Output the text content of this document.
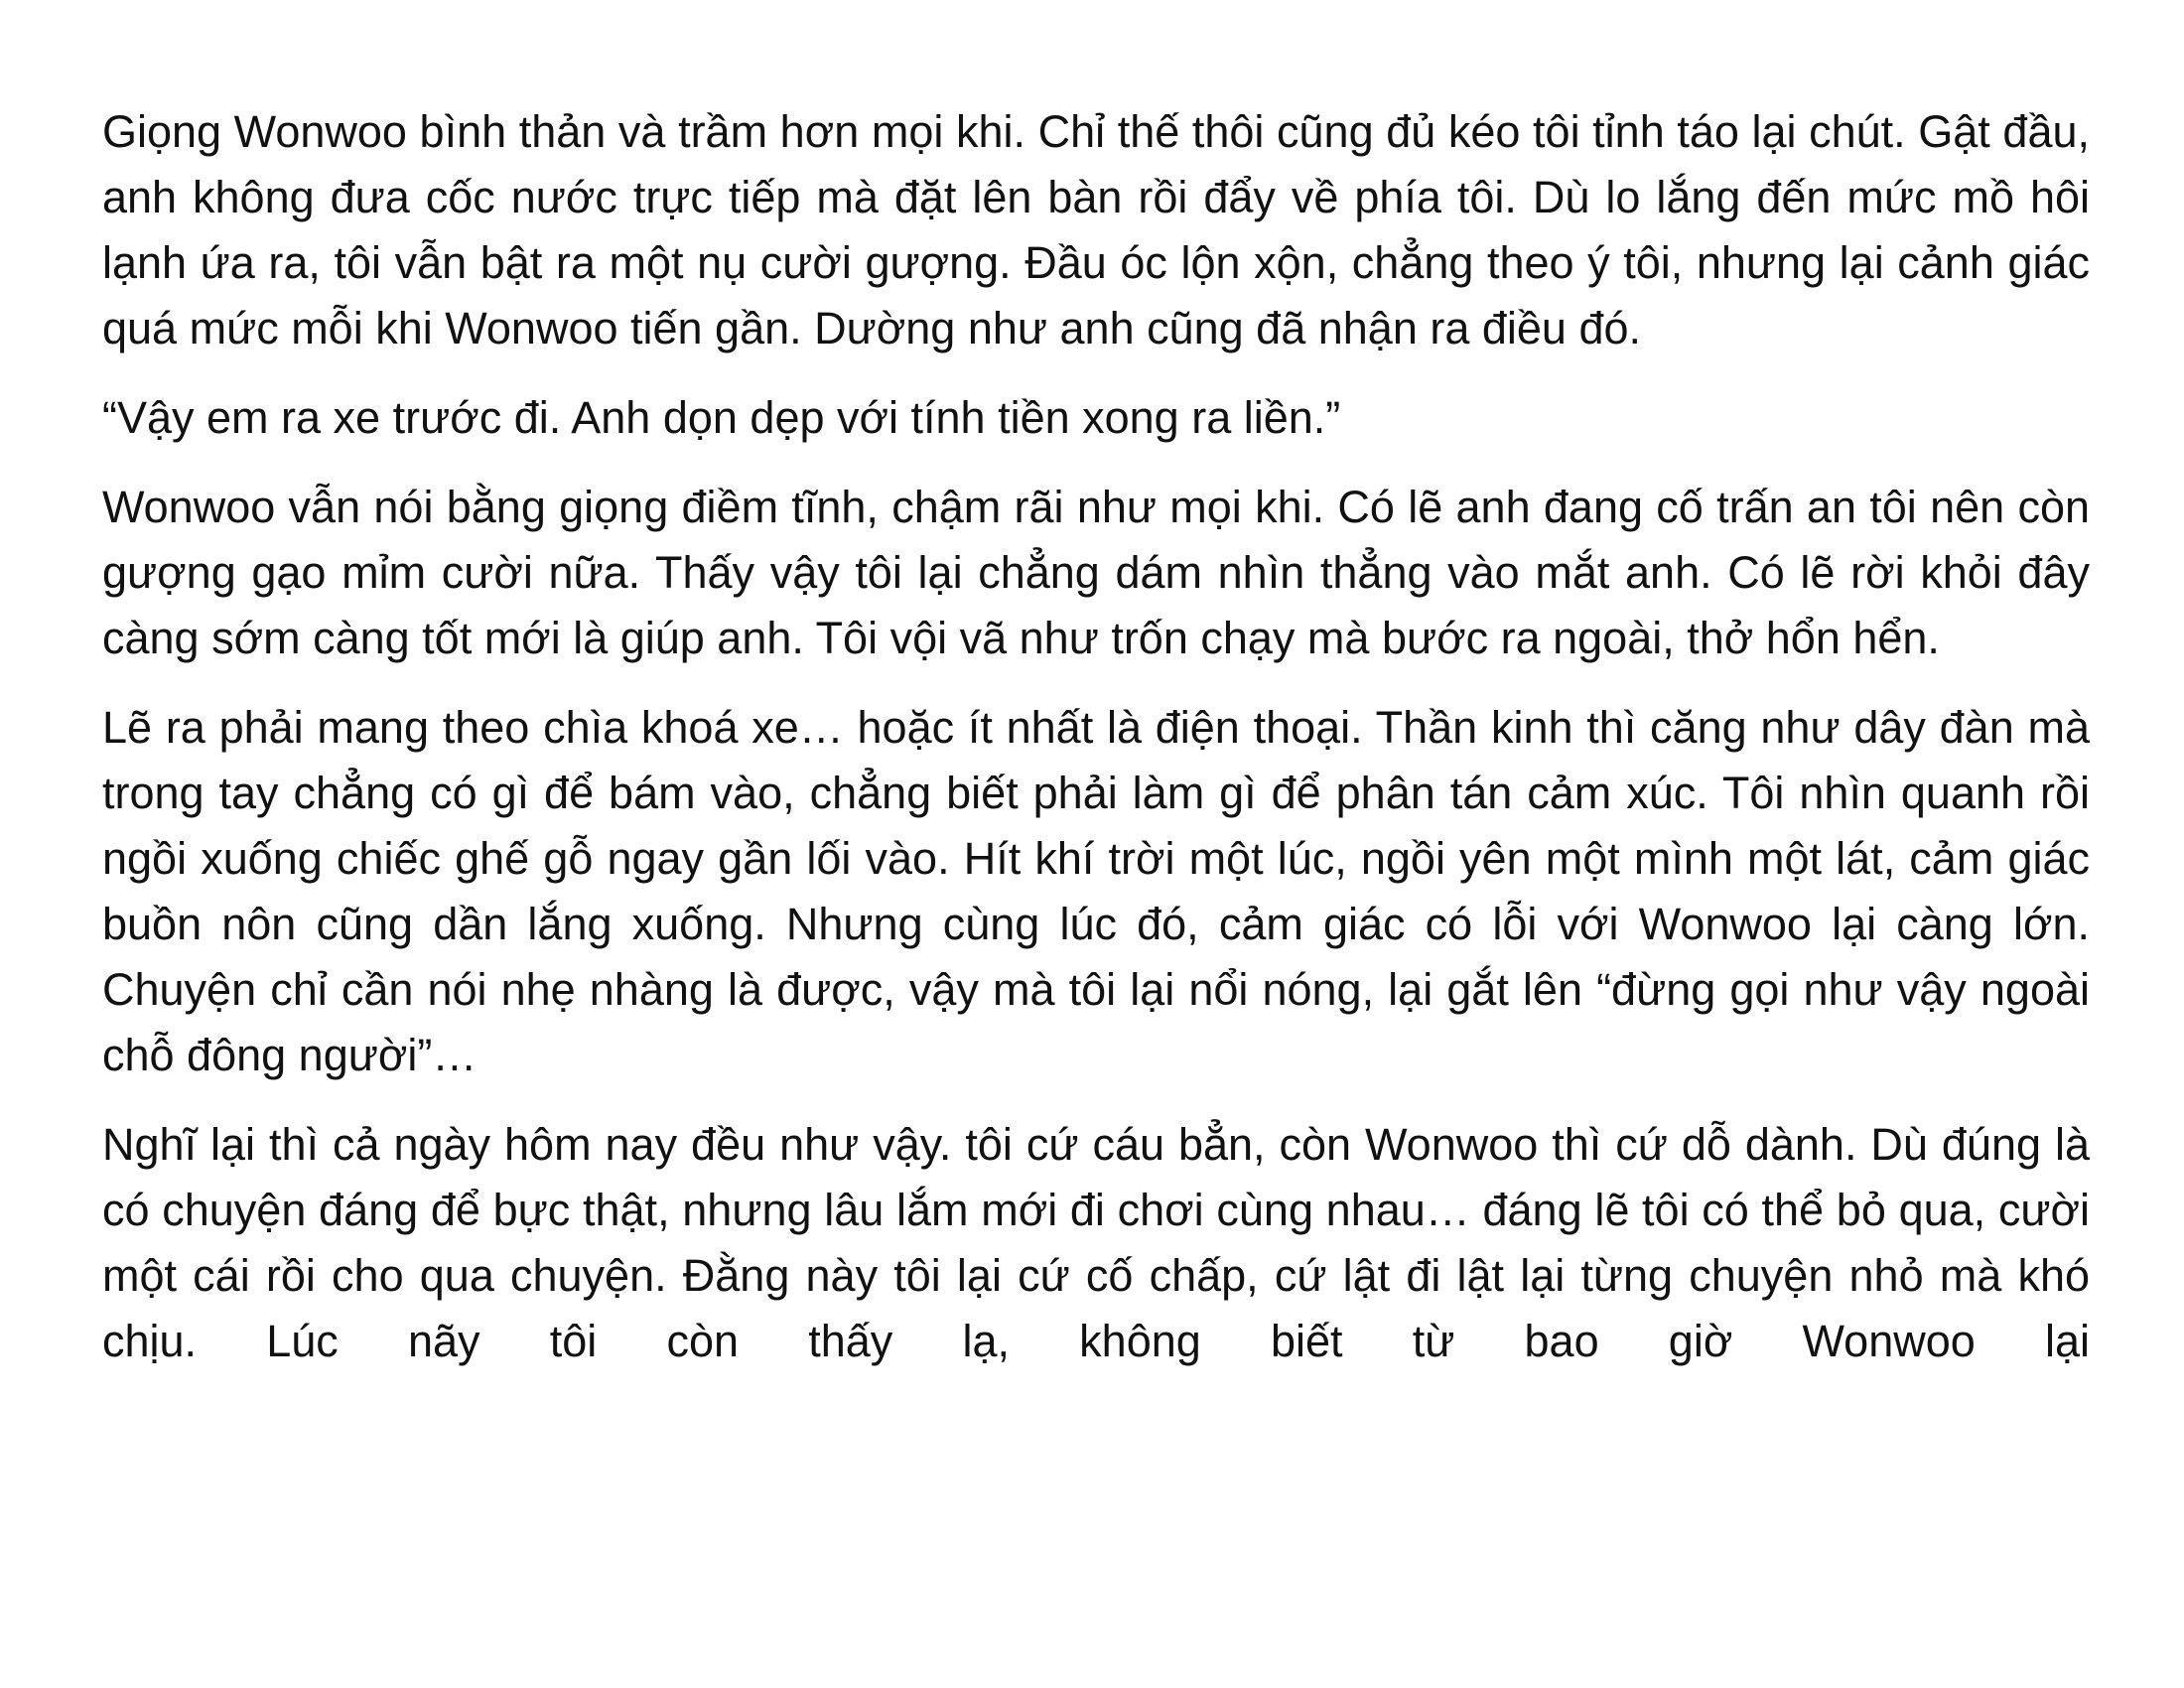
Giọng Wonwoo bình thản và trầm hơn mọi khi. Chỉ thế thôi cũng đủ kéo tôi tỉnh táo lại chút. Gật đầu, anh không đưa cốc nước trực tiếp mà đặt lên bàn rồi đẩy về phía tôi. Dù lo lắng đến mức mồ hôi lạnh ứa ra, tôi vẫn bật ra một nụ cười gượng. Đầu óc lộn xộn, chẳng theo ý tôi, nhưng lại cảnh giác quá mức mỗi khi Wonwoo tiến gần. Dường như anh cũng đã nhận ra điều đó.

“Vậy em ra xe trước đi. Anh dọn dẹp với tính tiền xong ra liền.”

Wonwoo vẫn nói bằng giọng điềm tĩnh, chậm rãi như mọi khi. Có lẽ anh đang cố trấn an tôi nên còn gượng gạo mỉm cười nữa. Thấy vậy tôi lại chẳng dám nhìn thẳng vào mắt anh. Có lẽ rời khỏi đây càng sớm càng tốt mới là giúp anh. Tôi vội vã như trốn chạy mà bước ra ngoài, thở hổn hển.

Lẽ ra phải mang theo chìa khoá xe… hoặc ít nhất là điện thoại. Thần kinh thì căng như dây đàn mà trong tay chẳng có gì để bám vào, chẳng biết phải làm gì để phân tán cảm xúc. Tôi nhìn quanh rồi ngồi xuống chiếc ghế gỗ ngay gần lối vào. Hít khí trời một lúc, ngồi yên một mình một lát, cảm giác buồn nôn cũng dần lắng xuống. Nhưng cùng lúc đó, cảm giác có lỗi với Wonwoo lại càng lớn. Chuyện chỉ cần nói nhẹ nhàng là được, vậy mà tôi lại nổi nóng, lại gắt lên “đừng gọi như vậy ngoài chỗ đông người”…

Nghĩ lại thì cả ngày hôm nay đều như vậy. tôi cứ cáu bẳn, còn Wonwoo thì cứ dỗ dành. Dù đúng là có chuyện đáng để bực thật, nhưng lâu lắm mới đi chơi cùng nhau… đáng lẽ tôi có thể bỏ qua, cười một cái rồi cho qua chuyện. Đằng này tôi lại cứ cố chấp, cứ lật đi lật lại từng chuyện nhỏ mà khó chịu. Lúc nãy tôi còn thấy lạ, không biết từ bao giờ Wonwoo lại
